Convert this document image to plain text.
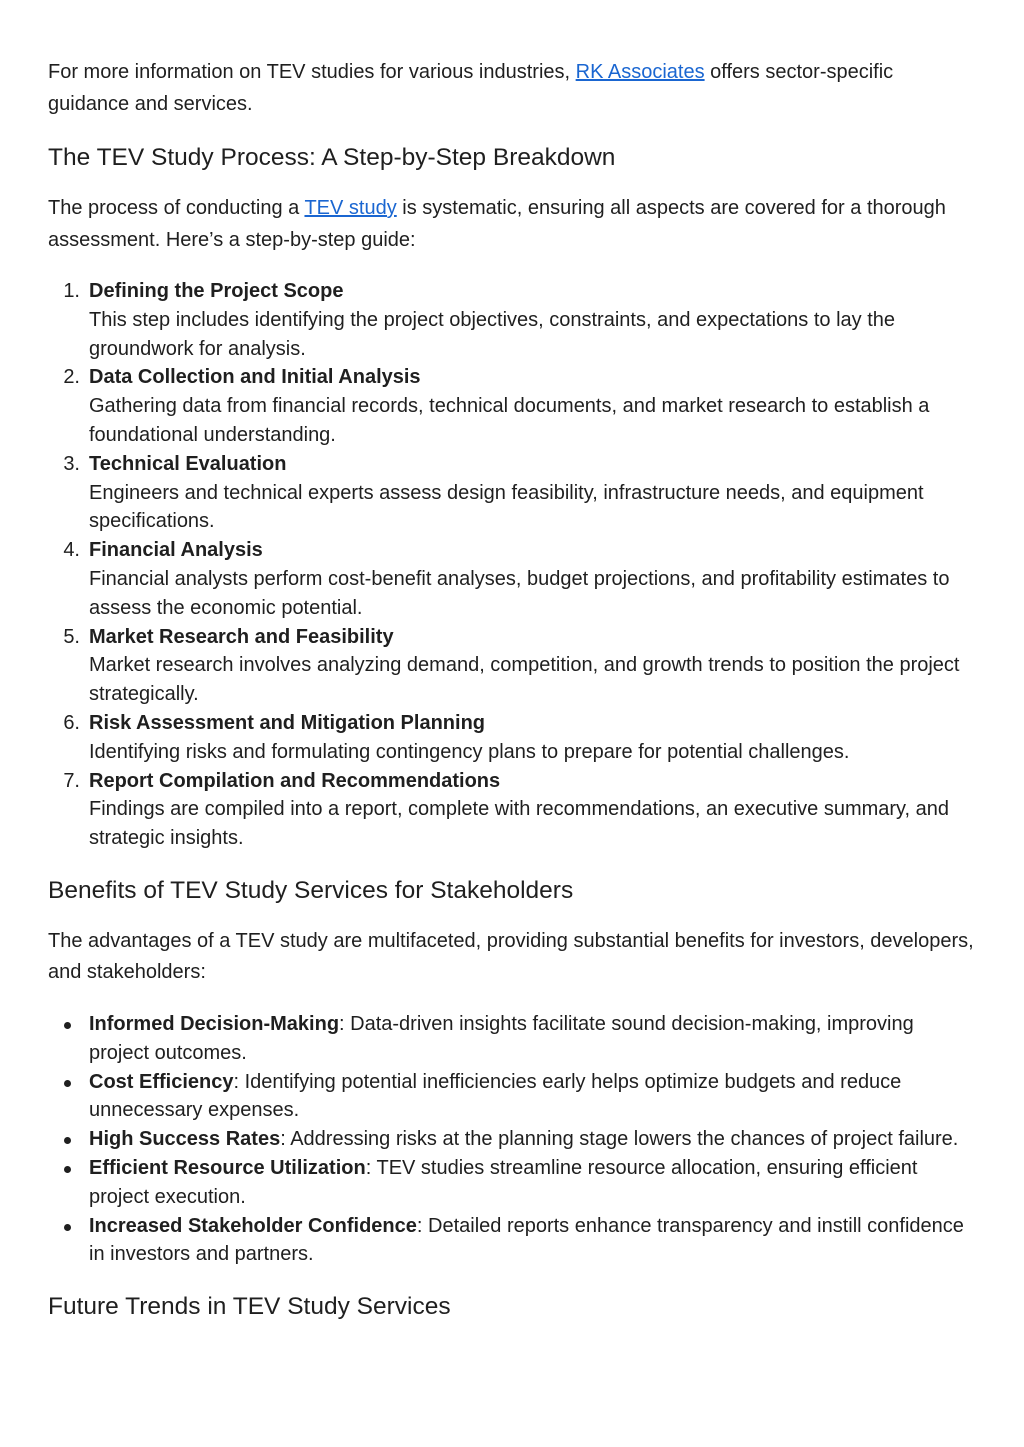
For more information on TEV studies for various industries, RK Associates offers sector-specific guidance and services.

The TEV Study Process: A Step-by-Step Breakdown

The process of conducting a TEV study is systematic, ensuring all aspects are covered for a thorough assessment. Here’s a step-by-step guide:

1. Defining the Project Scope
This step includes identifying the project objectives, constraints, and expectations to lay the groundwork for analysis.
2. Data Collection and Initial Analysis
Gathering data from financial records, technical documents, and market research to establish a foundational understanding.
3. Technical Evaluation
Engineers and technical experts assess design feasibility, infrastructure needs, and equipment specifications.
4. Financial Analysis
Financial analysts perform cost-benefit analyses, budget projections, and profitability estimates to assess the economic potential.
5. Market Research and Feasibility
Market research involves analyzing demand, competition, and growth trends to position the project strategically.
6. Risk Assessment and Mitigation Planning
Identifying risks and formulating contingency plans to prepare for potential challenges.
7. Report Compilation and Recommendations
Findings are compiled into a report, complete with recommendations, an executive summary, and strategic insights.
Benefits of TEV Study Services for Stakeholders

The advantages of a TEV study are multifaceted, providing substantial benefits for investors, developers, and stakeholders:

Informed Decision-Making: Data-driven insights facilitate sound decision-making, improving project outcomes.
Cost Efficiency: Identifying potential inefficiencies early helps optimize budgets and reduce unnecessary expenses.
High Success Rates: Addressing risks at the planning stage lowers the chances of project failure.
Efficient Resource Utilization: TEV studies streamline resource allocation, ensuring efficient project execution.
Increased Stakeholder Confidence: Detailed reports enhance transparency and instill confidence in investors and partners.
Future Trends in TEV Study Services
